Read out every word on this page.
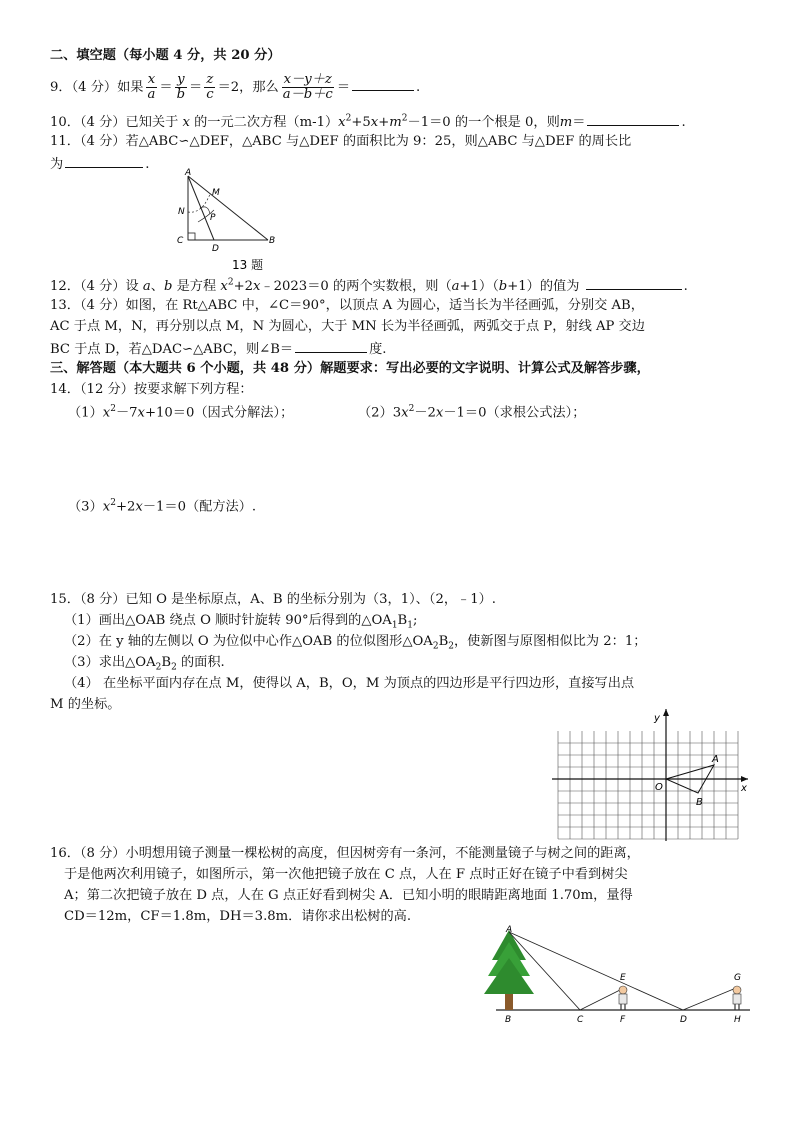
二、填空题（每小题 4 分，共 20 分）
9．（4 分）如果 $\frac{x}{a} = \frac{y}{b} = \frac{z}{c} =2$，那么 $\frac{x-y+z}{a-b+c}$ ＝	.
10．（4 分）已知关于 x 的一元二次方程$(m-1)x^2+5x+m^2-1=0$ 的一个根是 0，则m＝	.
11．（4 分）若△ABC∽△DEF，△ABC 与△DEF 的面积比为 9：25，则△ABC 与△DEF 的周长比
为	.
A
M
N
P
C
D
B
13 题
12．（4 分）设 a、b 是方程 $x^2+2x﹣2023=0$ 的两个实数根，则（a+1）（b+1）的值为	.
13．（4 分）如图，在 Rt△ABC 中，∠C＝90°，以顶点 A 为圆心，适当长为半径画弧，分别交 AB，
AC 于点 M，N，再分别以点 M，N 为圆心，大于 MN 长为半径画弧，两弧交于点 P，射线 AP 交边
BC 于点 D，若△DAC∽△ABC，则∠B＝	度.
三、解答题（本大题共 6 个小题，共 48 分）解题要求：写出必要的文字说明、计算公式及解答步骤，
14．（12 分）按要求解下列方程：
$(1)x^2-7x+10=0$（因式分解法）；	$(2)3x^2-2x-1=0$（求根公式法）；
$(3)x^2+2x-1=0$（配方法）.
15．（8 分）已知 O 是坐标原点，A、B 的坐标分别为（3，1）、（2，﹣1）.
（1）画出△OAB 绕点 O 顺时针旋转 90°后得到的$\triangle OA_1B_1$;
（2）在 y 轴的左侧以 O 为位似中心作△OAB 的位似图形$\triangle OA_2B_2$，使新图与原图相似比为 2：1；
（3）求出$\triangle OA_2B_2$ 的面积.
（4） 在坐标平面内存在点 M，使得以 A，B，O，M 为顶点的四边形是平行四边形，直接写出点
M 的坐标。
y
x
O
A
B
16．（8 分）小明想用镜子测量一棵松树的高度，但因树旁有一条河，不能测量镜子与树之间的距离，
于是他两次利用镜子，如图所示，第一次他把镜子放在 C 点，人在 F 点时正好在镜子中看到树尖
A；第二次把镜子放在 D 点，人在 G 点正好看到树尖 A．已知小明的眼睛距离地面 1.70m，量得
CD＝12m，CF＝1.8m，DH＝3.8m．请你求出松树的高.
A
E	G
B	C	F	D	H
